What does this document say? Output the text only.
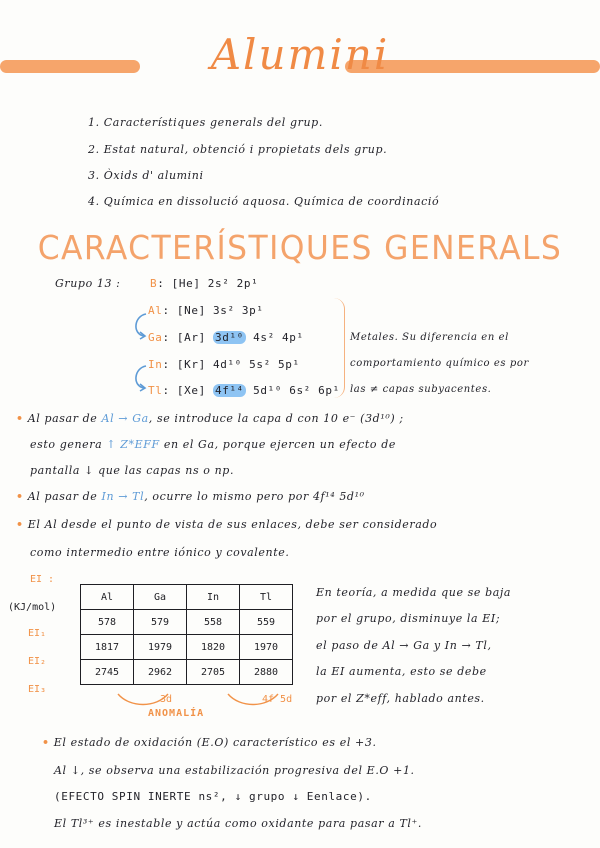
Alumini
1. Característiques generals del grup.
2. Estat natural, obtenció i propietats dels grup.
3. Òxids d' alumini
4. Química en dissolució aquosa. Química de coordinació
CARACTERÍSTIQUES GENERALS
Grupo 13 :	B: [He] 2s² 2p¹
Al: [Ne] 3s² 3p¹
Ga: [Ar] 3d¹⁰ 4s² 4p¹
In: [Kr] 4d¹⁰ 5s² 5p¹
Tl: [Xe] 4f¹⁴ 5d¹⁰ 6s² 6p¹
Metales. Su diferencia en el
comportamiento químico es por
las ≠ capas subyacentes.
• Al pasar de Al → Ga, se introduce la capa d con 10 e⁻ (3d¹⁰) ;
esto genera ↑ Z*EFF en el Ga, porque ejercen un efecto de
pantalla ↓ que las capas ns o np.
• Al pasar de In → Tl, ocurre lo mismo pero por 4f¹⁴ 5d¹⁰
• El Al desde el punto de vista de sus enlaces, debe ser considerado
como intermedio entre iónico y covalente.
EI :
(KJ/mol)
EI₁
EI₂
EI₃
Al	Ga	In	Tl
578	579	558	559
1817	1979	1820	1970
2745	2962	2705	2880
3d	4f 5d
ANOMALÍA
En teoría, a medida que se baja
por el grupo, disminuye la EI;
el paso de Al → Ga y In → Tl,
la EI aumenta, esto se debe
por el Z*eff, hablado antes.
• El estado de oxidación (E.O) característico es el +3.
Al ↓, se observa una estabilización progresiva del E.O +1.
(EFECTO SPIN INERTE ns², ↓ grupo ↓ Eenlace).
El Tl³⁺ es inestable y actúa como oxidante para pasar a Tl⁺.
